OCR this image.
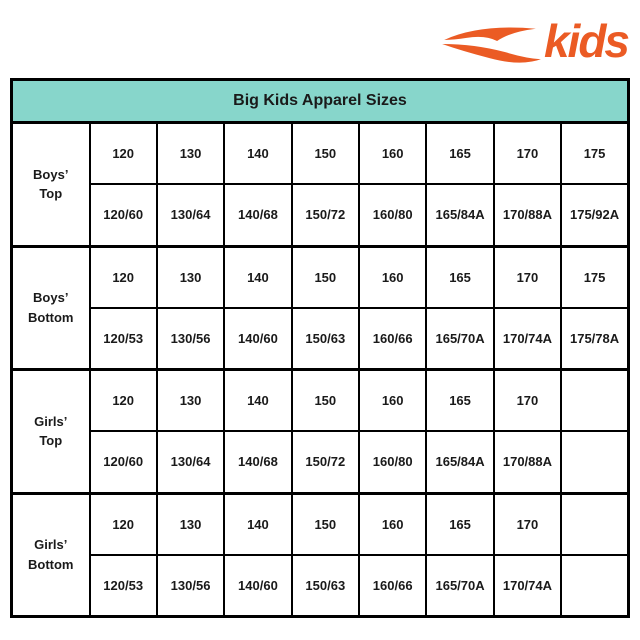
kids
Big Kids Apparel Sizes								

Boys’
Top	120	130	140	150	160	165	170	175
	120/60	130/64	140/68	150/72	160/80	165/84A	170/88A	175/92A

Boys’
Bottom	120	130	140	150	160	165	170	175
	120/53	130/56	140/60	150/63	160/66	165/70A	170/74A	175/78A

Girls’
Top	120	130	140	150	160	165	170	
	120/60	130/64	140/68	150/72	160/80	165/84A	170/88A	

Girls’
Bottom	120	130	140	150	160	165	170	
	120/53	130/56	140/60	150/63	160/66	165/70A	170/74A	
